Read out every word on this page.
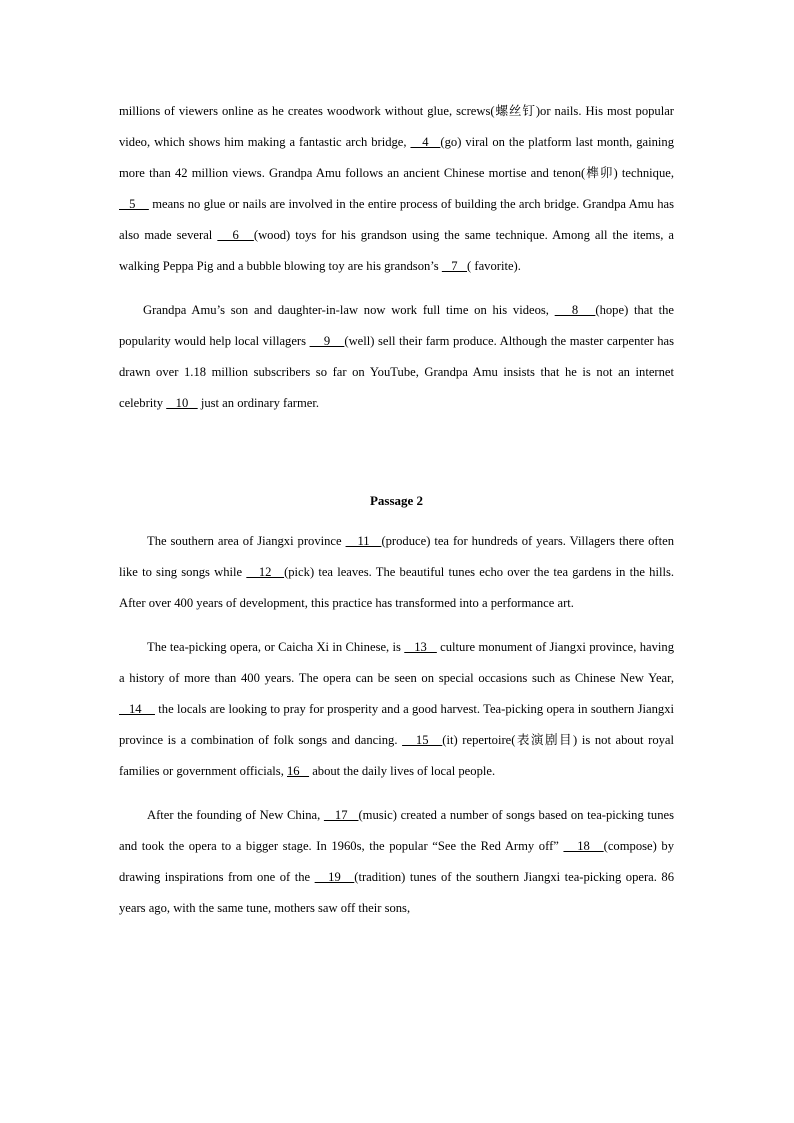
millions of viewers online as he creates woodwork without glue, screws(螺丝钉)or nails. His most popular video, which shows him making a fantastic arch bridge,    4   (go) viral on the platform last month, gaining more than 42 million views. Grandpa Amu follows an ancient Chinese mortise and tenon(榫卯) technique,    5     means no glue or nails are involved in the entire process of building the arch bridge. Grandpa Amu has also made several    6   (wood) toys for his grandson using the same technique. Among all the items, a walking Peppa Pig and a bubble blowing toy are his grandson’s    7   ( favorite).

Grandpa Amu’s son and daughter-in-law now work full time on his videos,    8   (hope) that the popularity would help local villagers     9    (well) sell their farm produce. Although the master carpenter has drawn over 1.18 million subscribers so far on YouTube, Grandpa Amu insists that he is not an internet celebrity    10    just an ordinary farmer.

Passage 2

The southern area of Jiangxi province    11   (produce) tea for hundreds of years. Villagers there often like to sing songs while    12   (pick) tea leaves. The beautiful tunes echo over the tea gardens in the hills. After over 400 years of development, this practice has transformed into a performance art.

The tea-picking opera, or Caicha Xi in Chinese, is    13    culture monument of Jiangxi province, having a history of more than 400 years. The opera can be seen on special occasions such as Chinese New Year,    14     the locals are looking to pray for prosperity and a good harvest. Tea-picking opera in southern Jiangxi province is a combination of folk songs and dancing.    15   (it) repertoire(表演剧目) is not about royal families or government officials, 16    about the daily lives of local people.

After the founding of New China,    17   (music) created a number of songs based on tea-picking tunes and took the opera to a bigger stage. In 1960s, the popular “See the Red Army off”    18   (compose) by drawing inspirations from one of the    19   (tradition) tunes of the southern Jiangxi tea-picking opera. 86 years ago, with the same tune, mothers saw off their sons,
